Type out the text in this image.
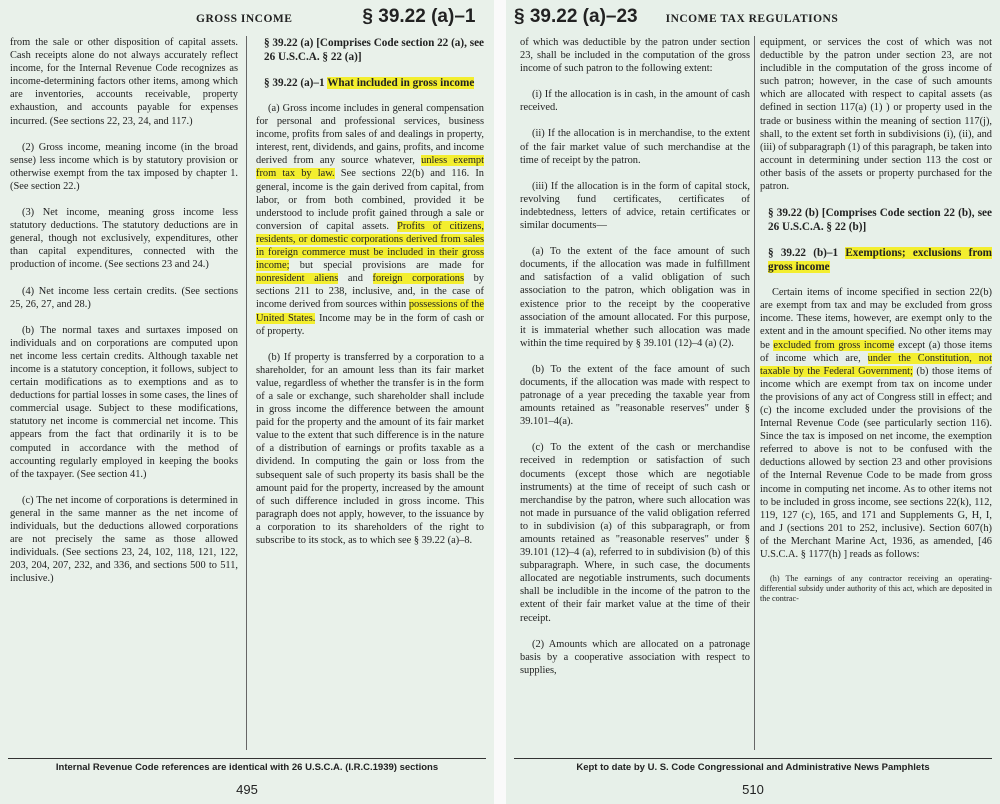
GROSS INCOME	§ 39.22 (a)–1

from the sale or other disposition of capital assets. Cash receipts alone do not always accurately reflect income, for the Internal Revenue Code recognizes as income-determining factors other items, among which are inventories, accounts receivable, property exhaustion, and accounts payable for expenses incurred. (See sections 22, 23, 24, and 117.)

(2) Gross income, meaning income (in the broad sense) less income which is by statutory provision or otherwise exempt from the tax imposed by chapter 1. (See section 22.)

(3) Net income, meaning gross income less statutory deductions. The statutory deductions are in general, though not exclusively, expenditures, other than capital expenditures, connected with the production of income. (See sections 23 and 24.)

(4) Net income less certain credits. (See sections 25, 26, 27, and 28.)

(b) The normal taxes and surtaxes imposed on individuals and on corporations are computed upon net income less certain credits. Although taxable net income is a statutory conception, it follows, subject to certain modifications as to exemptions and as to deductions for partial losses in some cases, the lines of commercial usage. Subject to these modifications, statutory net income is commercial net income. This appears from the fact that ordinarily it is to be computed in accordance with the method of accounting regularly employed in keeping the books of the taxpayer. (See section 41.)

(c) The net income of corporations is determined in general in the same manner as the net income of individuals, but the deductions allowed corporations are not precisely the same as those allowed individuals. (See sections 23, 24, 102, 118, 121, 122, 203, 204, 207, 232, and 336, and sections 500 to 511, inclusive.)

§ 39.22 (a) [Comprises Code section 22 (a), see 26 U.S.C.A. § 22 (a)]
§ 39.22 (a)–1 What included in gross income

(a) Gross income includes in general compensation for personal and professional services, business income, profits from sales of and dealings in property, interest, rent, dividends, and gains, profits, and income derived from any source whatever, unless exempt from tax by law. See sections 22(b) and 116. In general, income is the gain derived from capital, from labor, or from both combined, provided it be understood to include profit gained through a sale or conversion of capital assets. Profits of citizens, residents, or domestic corporations derived from sales in foreign commerce must be included in their gross income; but special provisions are made for nonresident aliens and foreign corporations by sections 211 to 238, inclusive, and, in the case of income derived from sources within possessions of the United States. Income may be in the form of cash or of property.

(b) If property is transferred by a corporation to a shareholder, for an amount less than its fair market value, regardless of whether the transfer is in the form of a sale or exchange, such shareholder shall include in gross income the difference between the amount paid for the property and the amount of its fair market value to the extent that such difference is in the nature of a distribution of earnings or profits taxable as a dividend. In computing the gain or loss from the subsequent sale of such property its basis shall be the amount paid for the property, increased by the amount of such difference included in gross income. This paragraph does not apply, however, to the issuance by a corporation to its shareholders of the right to subscribe to its stock, as to which see § 39.22 (a)–8.

Internal Revenue Code references are identical with 26 U.S.C.A. (I.R.C.1939) sections
495
§ 39.22 (a)–23 INCOME TAX REGULATIONS

of which was deductible by the patron under section 23, shall be included in the computation of the gross income of such patron to the following extent:

(i) If the allocation is in cash, in the amount of cash received.

(ii) If the allocation is in merchandise, to the extent of the fair market value of such merchandise at the time of receipt by the patron.

(iii) If the allocation is in the form of capital stock, revolving fund certificates, certificates of indebtedness, letters of advice, retain certificates or similar documents—

(a) To the extent of the face amount of such documents, if the allocation was made in fulfillment and satisfaction of a valid obligation of such association to the patron, which obligation was in existence prior to the receipt by the cooperative association of the amount allocated. For this purpose, it is immaterial whether such allocation was made within the time required by § 39.101 (12)–4 (a) (2).

(b) To the extent of the face amount of such documents, if the allocation was made with respect to patronage of a year preceding the taxable year from amounts retained as "reasonable reserves" under § 39.101–4(a).

(c) To the extent of the cash or merchandise received in redemption or satisfaction of such documents (except those which are negotiable instruments) at the time of receipt of such cash or merchandise by the patron, where such allocation was not made in pursuance of the valid obligation referred to in subdivision (a) of this subparagraph, or from amounts retained as "reasonable reserves" under § 39.101 (12)–4 (a), referred to in subdivision (b) of this subparagraph. Where, in such case, the documents allocated are negotiable instruments, such documents shall be includible in the income of the patron to the extent of their fair market value at the time of their receipt.

(2) Amounts which are allocated on a patronage basis by a cooperative association with respect to supplies,

equipment, or services the cost of which was not deductible by the patron under section 23, are not includible in the computation of the gross income of such patron; however, in the case of such amounts which are allocated with respect to capital assets (as defined in section 117(a) (1) ) or property used in the trade or business within the meaning of section 117(j), shall, to the extent set forth in subdivisions (i), (ii), and (iii) of subparagraph (1) of this paragraph, be taken into account in determining under section 113 the cost or other basis of the assets or property purchased for the patron.

§ 39.22 (b) [Comprises Code section 22 (b), see 26 U.S.C.A. § 22 (b)]
§ 39.22 (b)–1 Exemptions; exclusions from gross income

Certain items of income specified in section 22(b) are exempt from tax and may be excluded from gross income. These items, however, are exempt only to the extent and in the amount specified. No other items may be excluded from gross income except (a) those items of income which are, under the Constitution, not taxable by the Federal Government; (b) those items of income which are exempt from tax on income under the provisions of any act of Congress still in effect; and (c) the income excluded under the provisions of the Internal Revenue Code (see particularly section 116). Since the tax is imposed on net income, the exemption referred to above is not to be confused with the deductions allowed by section 23 and other provisions of the Internal Revenue Code to be made from gross income in computing net income. As to other items not to be included in gross income, see sections 22(k), 112, 119, 127 (c), 165, and 171 and Supplements G, H, I, and J (sections 201 to 252, inclusive). Section 607(h) of the Merchant Marine Act, 1936, as amended, [46 U.S.C.A. § 1177(h) ] reads as follows:

(h) The earnings of any contractor receiving an operating-differential subsidy under authority of this act, which are deposited in the contrac-

Kept to date by U. S. Code Congressional and Administrative News Pamphlets
510
